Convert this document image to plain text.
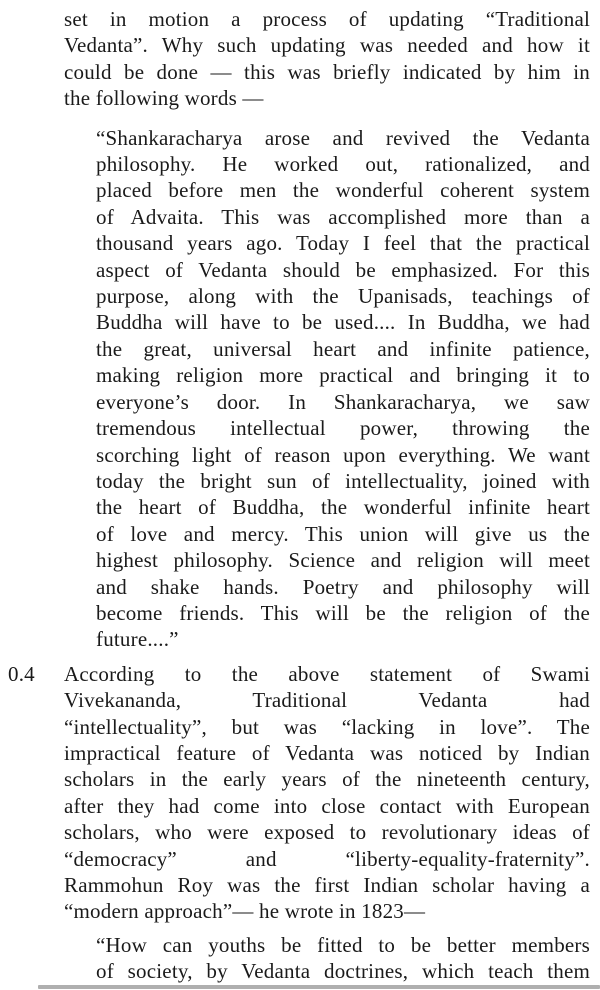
set in motion a process of updating “Traditional
Vedanta”. Why such updating was needed and how it
could be done — this was briefly indicated by him in
the following words —

“Shankaracharya arose and revived the Vedanta
philosophy. He worked out, rationalized, and
placed before men the wonderful coherent system
of Advaita. This was accomplished more than a
thousand years ago. Today I feel that the practical
aspect of Vedanta should be emphasized. For this
purpose, along with the Upanisads, teachings of
Buddha will have to be used.... In Buddha, we had
the great, universal heart and infinite patience,
making religion more practical and bringing it to
everyone’s door. In Shankaracharya, we saw
tremendous intellectual power, throwing the
scorching light of reason upon everything. We want
today the bright sun of intellectuality, joined with
the heart of Buddha, the wonderful infinite heart
of love and mercy. This union will give us the
highest philosophy. Science and religion will meet
and shake hands. Poetry and philosophy will
become friends. This will be the religion of the
future....”

0.4 According to the above statement of Swami
Vivekananda, Traditional Vedanta had
“intellectuality”, but was “lacking in love”. The
impractical feature of Vedanta was noticed by Indian
scholars in the early years of the nineteenth century,
after they had come into close contact with European
scholars, who were exposed to revolutionary ideas of
“democracy” and “liberty-equality-fraternity”.
Rammohun Roy was the first Indian scholar having a
“modern approach”— he wrote in 1823—

“How can youths be fitted to be better members
of society, by Vedanta doctrines, which teach them
